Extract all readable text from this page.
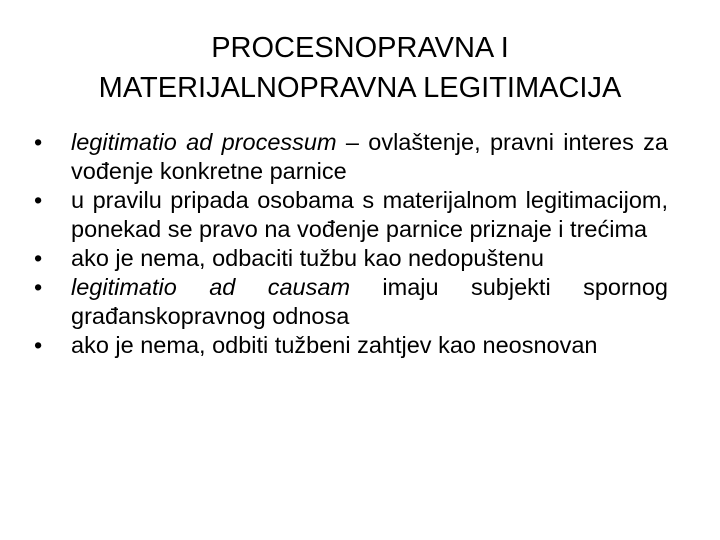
PROCESNOPRAVNA I
MATERIJALNOPRAVNA LEGITIMACIJA
•	legitimatio ad processum – ovlaštenje, pravni interes za vođenje konkretne parnice
•	u pravilu pripada osobama s materijalnom legitimacijom, ponekad se pravo na vođenje parnice priznaje i trećima
•	ako je nema, odbaciti tužbu kao nedopuštenu
•	legitimatio ad causam imaju subjekti spornog građanskopravnog odnosa
•	ako je nema, odbiti tužbeni zahtjev kao neosnovan
